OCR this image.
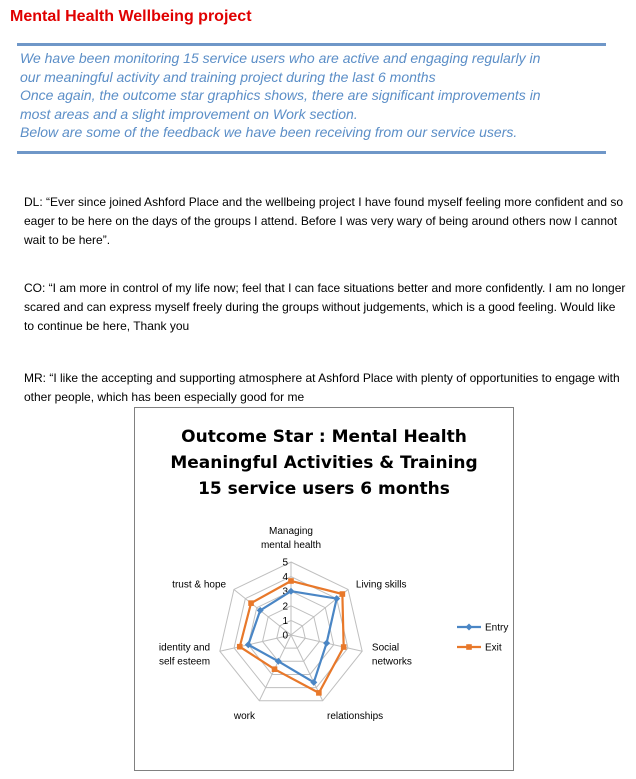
Mental Health Wellbeing project
We have been monitoring 15 service users who are active and engaging regularly in
our meaningful activity and training project during the last 6 months
Once again, the outcome star graphics shows, there are significant improvements in
most areas and a slight improvement on Work section.
Below are some of the feedback we have been receiving from our service users.
DL: “Ever since joined Ashford Place and the wellbeing project I have found myself feeling more confident and so eager to be here on the days of the groups I attend. Before I was very wary of being around others now I cannot wait to be here”.
CO: “I am more in control of my life now; feel that I can face situations better and more confidently. I am no longer scared and can express myself freely during the groups without judgements, which is a good feeling. Would like to continue be here, Thank you
MR: “I like the accepting and supporting atmosphere at Ashford Place with plenty of opportunities to engage with other people, which has been especially good for me
Outcome Star : Mental Health
Meaningful Activities & Training
15 service users 6 months
0
1
2
3
4
5
Managing mental health
Living skills
Social networks
relationships
work
identity and self esteem
trust & hope
Entry
Exit
